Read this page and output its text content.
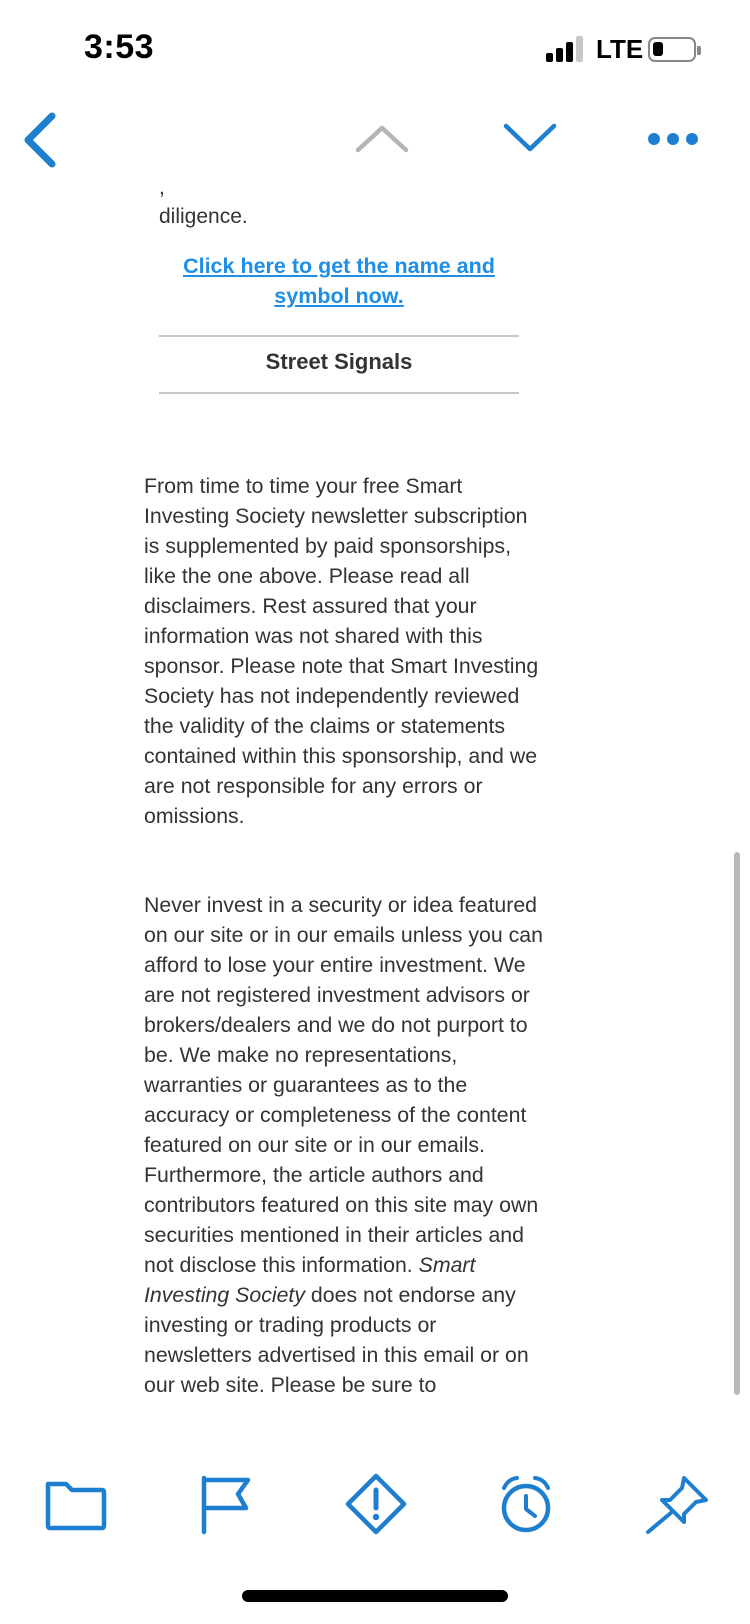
3:53	LTE
,
diligence.
Click here to get the name and symbol now.
Street Signals

From time to time your free Smart Investing Society newsletter subscription is supplemented by paid sponsorships, like the one above. Please read all disclaimers. Rest assured that your information was not shared with this sponsor. Please note that Smart Investing Society has not independently reviewed the validity of the claims or statements contained within this sponsorship, and we are not responsible for any errors or omissions.

Never invest in a security or idea featured on our site or in our emails unless you can afford to lose your entire investment. We are not registered investment advisors or brokers/dealers and we do not purport to be. We make no representations, warranties or guarantees as to the accuracy or completeness of the content featured on our site or in our emails. Furthermore, the article authors and contributors featured on this site may own securities mentioned in their articles and not disclose this information. Smart Investing Society does not endorse any investing or trading products or newsletters advertised in this email or on our web site. Please be sure to
